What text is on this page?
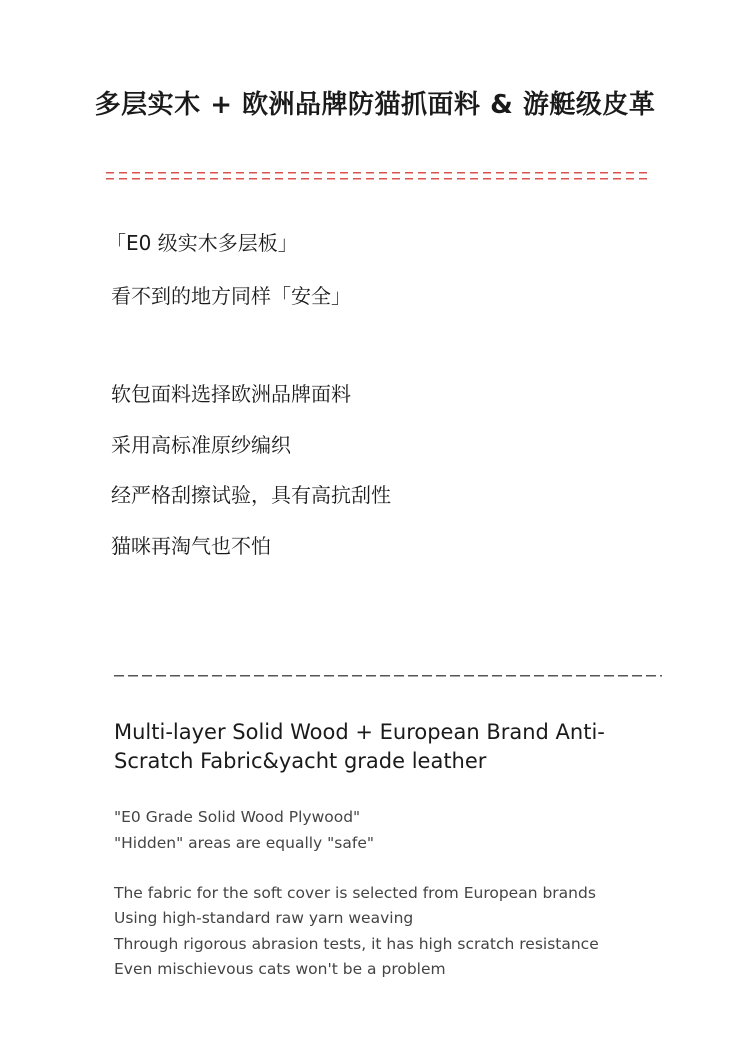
多层实木 + 欧洲品牌防猫抓面料 & 游艇级皮革
「E0 级实木多层板」
看不到的地方同样「安全」
软包面料选择欧洲品牌面料
采用高标准原纱编织
经严格刮擦试验，具有高抗刮性
猫咪再淘气也不怕
Multi-layer Solid Wood + European Brand Anti-Scratch Fabric&yacht grade leather
"E0 Grade Solid Wood Plywood"
"Hidden" areas are equally "safe"
The fabric for the soft cover is selected from European brands
Using high-standard raw yarn weaving
Through rigorous abrasion tests, it has high scratch resistance
Even mischievous cats won't be a problem
